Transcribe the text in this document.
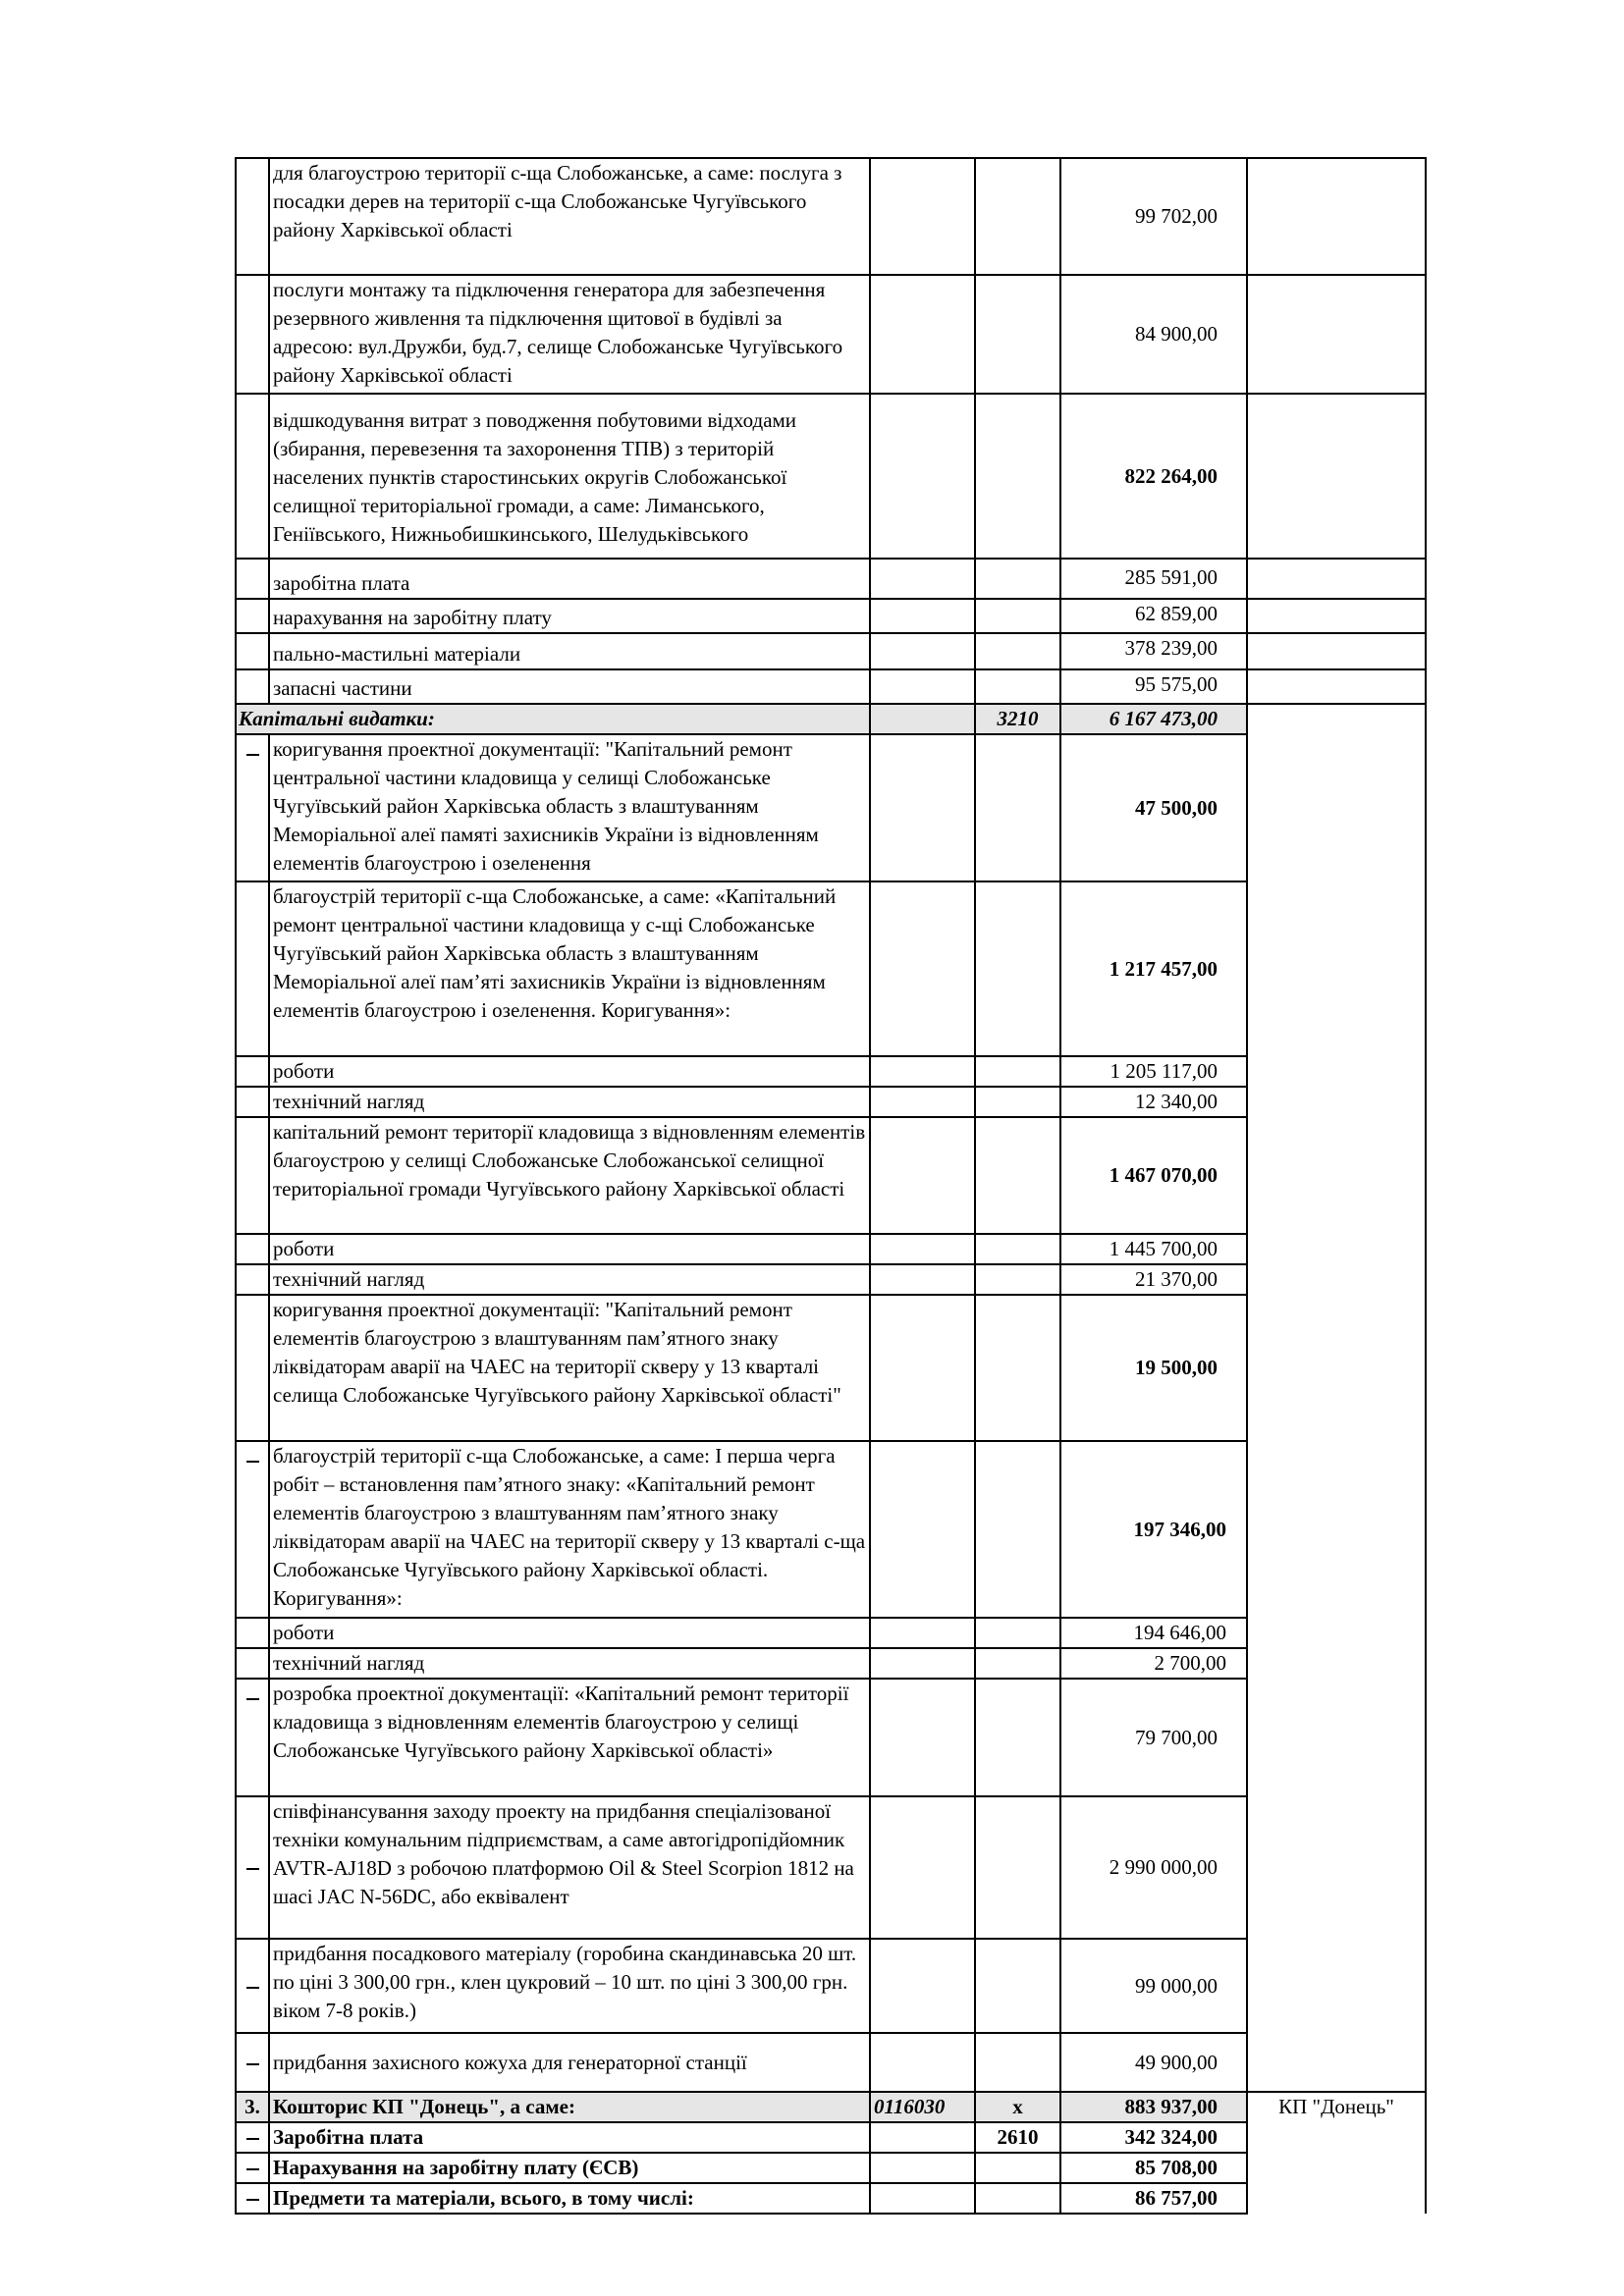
	для благоустрою території с-ща Слобожанське, а саме: послуга з посадки дерев на території с-ща Слобожанське Чугуївського району Харківської області			99 702,00		
	послуги монтажу та підключення генератора для забезпечення резервного живлення та підключення щитової в будівлі за адресою: вул.Дружби, буд.7, селище Слобожанське Чугуївського району Харківської області			84 900,00		
	відшкодування витрат з поводження побутовими відходами (збирання, перевезення та захоронення ТПВ) з територій населених пунктів старостинських округів Слобожанської селищної територіальної громади, а саме: Лиманського, Геніївського, Нижньобишкинського, Шелудьківського			822 264,00		
	заробітна плата			285 591,00		
	нарахування на заробітну плату			62 859,00		
	пально-мастильні матеріали			378 239,00		
	запасні частини			95 575,00		
Капітальні видатки:			3210	6 167 473,00		
	коригування проектної документації: "Капітальний ремонт центральної частини кладовища у селищі Слобожанське Чугуївський район Харківська область з влаштуванням Меморіальної алеї памяті захисників України із відновленням елементів благоустрою і озеленення			47 500,00		
	благоустрій території с-ща Слобожанське, а саме: «Капітальний ремонт центральної частини кладовища у с-щі Слобожанське Чугуївський район Харківська область з влаштуванням Меморіальної алеї пам’яті захисників України із відновленням елементів благоустрою і озеленення. Коригування»:			1 217 457,00		
	роботи			1 205 117,00		
	технічний нагляд			12 340,00		
	капітальний ремонт території кладовища з відновленням елементів благоустрою у селищі Слобожанське Слобожанської селищної територіальної громади Чугуївського району Харківської області			1 467 070,00		
	роботи			1 445 700,00		
	технічний нагляд			21 370,00		
	коригування проектної документації: "Капітальний ремонт елементів благоустрою з влаштуванням пам’ятного знаку ліквідаторам аварії на ЧАЕС на території скверу у 13 кварталі селища Слобожанське Чугуївського району Харківської області"			19 500,00		
	благоустрій території с-ща Слобожанське, а саме: І перша черга робіт – встановлення пам’ятного знаку: «Капітальний ремонт елементів благоустрою з влаштуванням пам’ятного знаку ліквідаторам аварії на ЧАЕС на території скверу у 13 кварталі с-ща Слобожанське Чугуївського району Харківської області. Коригування»:			197 346,00		
	роботи			194 646,00		
	технічний нагляд			2 700,00		
	розробка проектної документації: «Капітальний ремонт території кладовища з відновленням елементів благоустрою у селищі Слобожанське Чугуївського району Харківської області»			79 700,00		
	співфінансування заходу проекту на придбання спеціалізованої техніки комунальним підприємствам, а саме автогідропідйомник AVTR-AJ18D з робочою платформою Oil & Steel Scorpion 1812 на шасі JAC N-56DC, або еквівалент			2 990 000,00		
	придбання посадкового матеріалу (горобина скандинавська 20 шт. по ціні 3 300,00 грн., клен цукровий – 10 шт. по ціні 3 300,00 грн. віком 7-8 років.)			99 000,00		
	придбання захисного кожуха для генераторної станції			49 900,00		
3.	Кошторис КП "Донець", а саме:	0116030	х	883 937,00	КП "Донець"	
	Заробітна плата		2610	342 324,00		
	Нарахування на заробітну плату (ЄСВ)			85 708,00		
	Предмети та матеріали, всього, в тому числі:			86 757,00		
